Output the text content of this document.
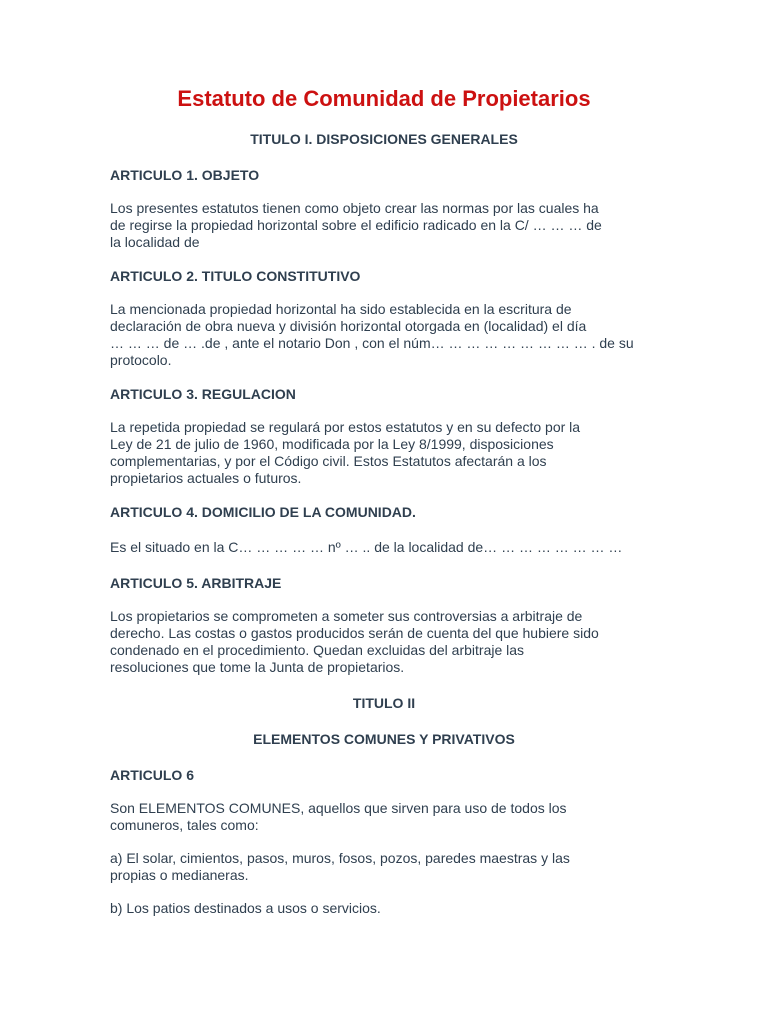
Estatuto de Comunidad de Propietarios
TITULO I. DISPOSICIONES GENERALES
ARTICULO 1. OBJETO

Los presentes estatutos tienen como objeto crear las normas por las cuales ha
de regirse la propiedad horizontal sobre el edificio radicado en la C/ … … … de
la localidad de

ARTICULO 2. TITULO CONSTITUTIVO

La mencionada propiedad horizontal ha sido establecida en la escritura de
declaración de obra nueva y división horizontal otorgada en (localidad) el día
… … … de … .de , ante el notario Don , con el núm… … … … … … … … … . de su
protocolo.

ARTICULO 3. REGULACION

La repetida propiedad se regulará por estos estatutos y en su defecto por la
Ley de 21 de julio de 1960, modificada por la Ley 8/1999, disposiciones
complementarias, y por el Código civil. Estos Estatutos afectarán a los
propietarios actuales o futuros.

ARTICULO 4. DOMICILIO DE LA COMUNIDAD.

Es el situado en la C… … … … … nº … .. de la localidad de… … … … … … … …

ARTICULO 5. ARBITRAJE

Los propietarios se comprometen a someter sus controversias a arbitraje de
derecho. Las costas o gastos producidos serán de cuenta del que hubiere sido
condenado en el procedimiento. Quedan excluidas del arbitraje las
resoluciones que tome la Junta de propietarios.

TITULO II
ELEMENTOS COMUNES Y PRIVATIVOS
ARTICULO 6

Son ELEMENTOS COMUNES, aquellos que sirven para uso de todos los
comuneros, tales como:

a) El solar, cimientos, pasos, muros, fosos, pozos, paredes maestras y las
propias o medianeras.

b) Los patios destinados a usos o servicios.
